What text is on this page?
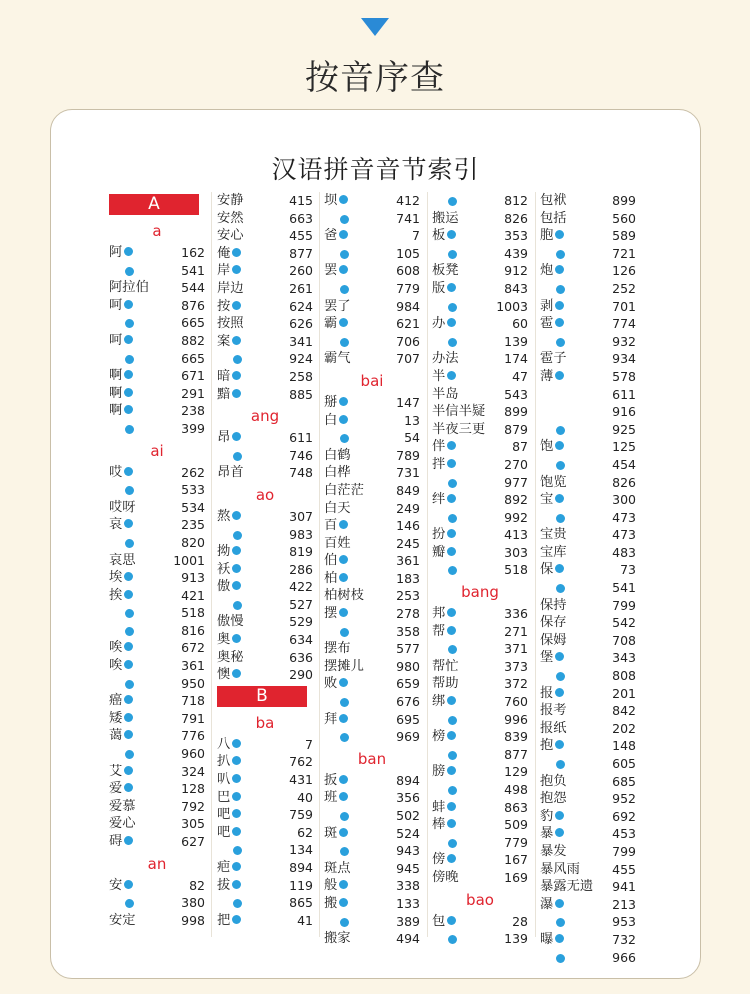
按音序查
汉语拼音音节索引
A
a
阿	162
541
阿拉伯	544
呵	876
665
呵	882
665
啊	671
啊	291
啊	238
399
ai
哎	262
533
哎呀	534
哀	235
820
哀思	1001
埃	913
挨	421
518
816
唉	672
唉	361
950
癌	718
矮	791
蔼	776
960
艾	324
爱	128
爱慕	792
爱心	305
碍	627
an
安	82
380
安定	998
安静	415
安然	663
安心	455
俺	877
岸	260
岸边	261
按	624
按照	626
案	341
924
暗	258
黯	885
ang
昂	611
746
昂首	748
ao
熬	307
983
拗	819
袄	286
傲	422
527
傲慢	529
奥	634
奥秘	636
懊	290
B
ba
八	7
扒	762
叭	431
巴	40
吧	759
吧	62
134
疤	894
拔	119
865
把	41
坝	412
741
爸	7
105
罢	608
779
罢了	984
霸	621
706
霸气	707
bai
掰	147
白	13
54
白鹤	789
白桦	731
白茫茫	849
白天	249
百	146
百姓	245
伯	361
柏	183
柏树枝	253
摆	278
358
摆布	577
摆摊儿	980
败	659
676
拜	695
969
ban
扳	894
班	356
502
斑	524
943
斑点	945
般	338
搬	133
389
搬家	494
812
搬运	826
板	353
439
板凳	912
版	843
1003
办	60
139
办法	174
半	47
半岛	543
半信半疑 899
半夜三更 879
伴	87
拌	270
977
绊	892
992
扮	413
瓣	303
518
bang
邦	336
帮	271
371
帮忙	373
帮助	372
绑	760
996
榜	839
877
膀	129
498
蚌	863
棒	509
779
傍	167
傍晚	169
bao
包	28
139
包袱	899
包括	560
胞	589
721
炮	126
252
剥	701
雹	774
932
雹子	934
薄	578
611
916
925
饱	125
454
饱览	826
宝	300
473
宝贵	473
宝库	483
保	73
541
保持	799
保存	542
保姆	708
堡	343
808
报	201
报考	842
报纸	202
抱	148
605
抱负	685
抱怨	952
豹	692
暴	453
暴发	799
暴风雨	455
暴露无遗 941
瀑	213
953
曝	732
966
